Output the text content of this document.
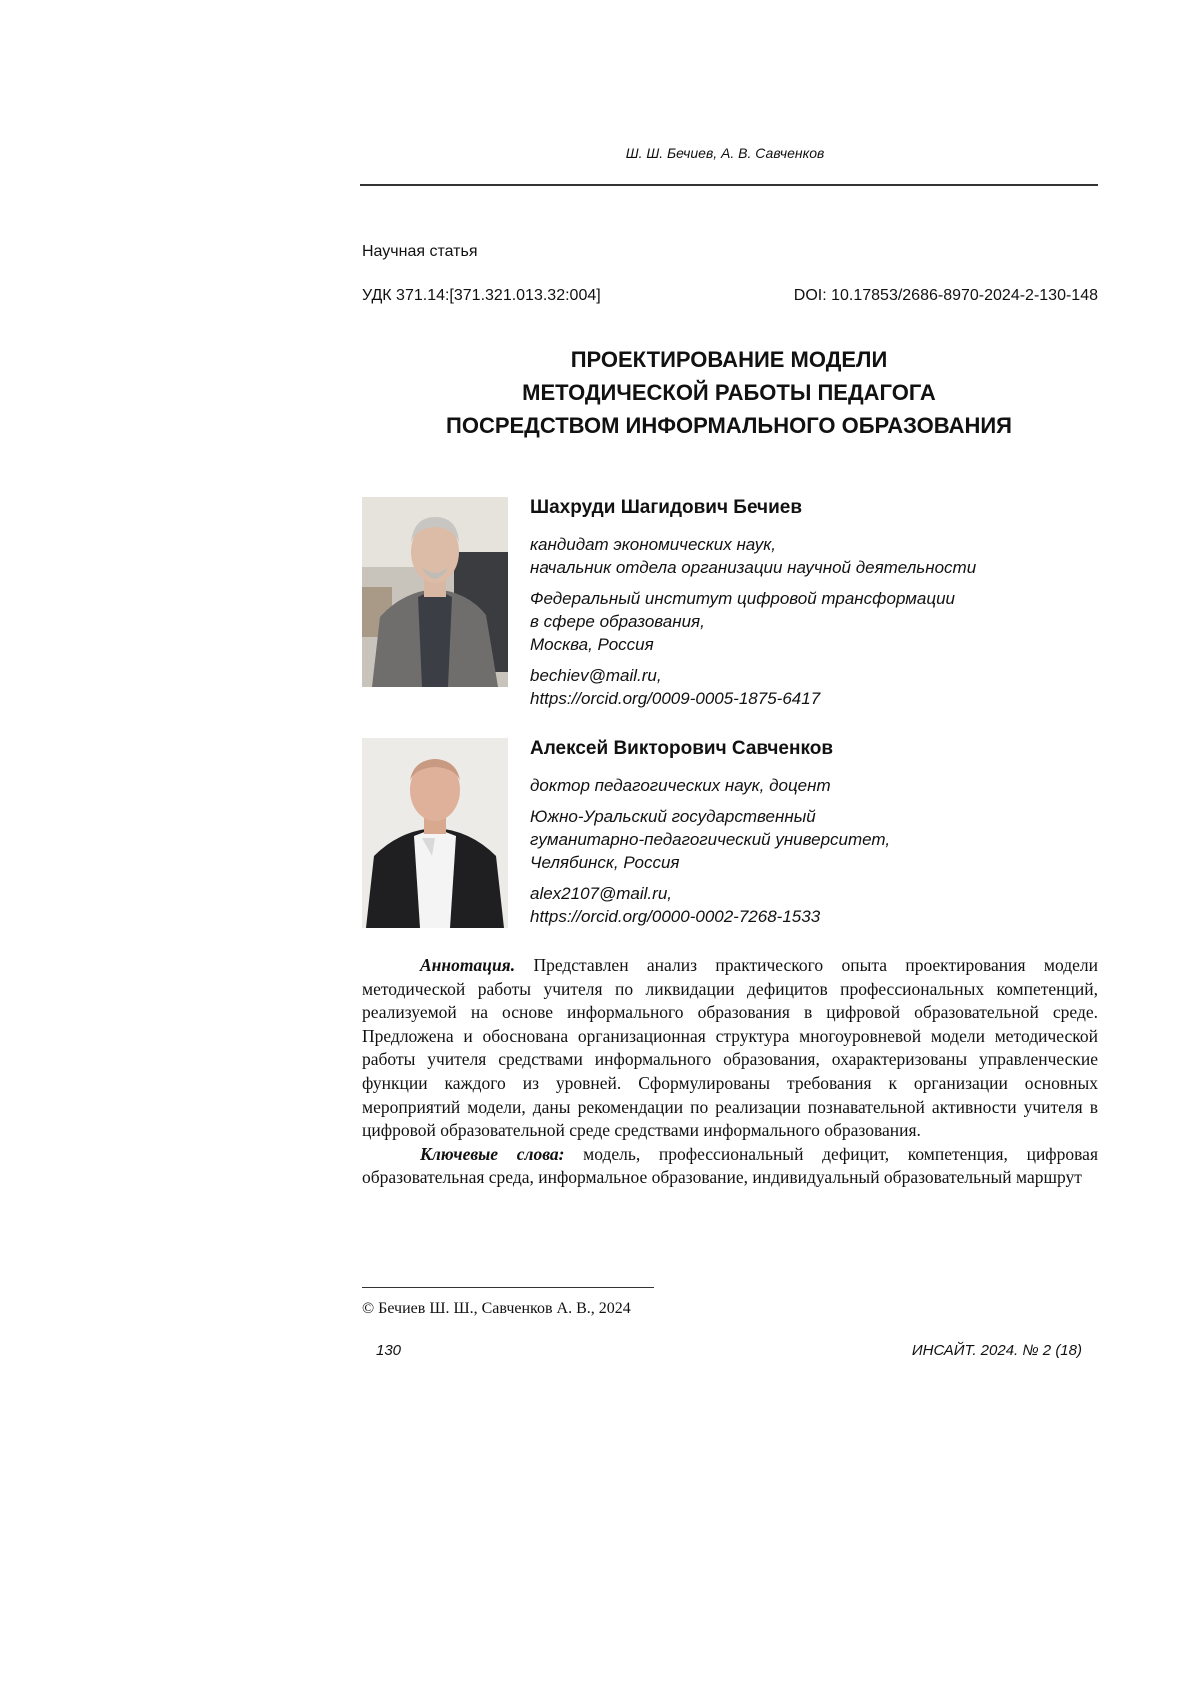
Ш. Ш. Бечиев, А. В. Савченков
Научная статья
УДК 371.14:[371.321.013.32:004]	DOI: 10.17853/2686-8970-2024-2-130-148
ПРОЕКТИРОВАНИЕ МОДЕЛИ
МЕТОДИЧЕСКОЙ РАБОТЫ ПЕДАГОГА
ПОСРЕДСТВОМ ИНФОРМАЛЬНОГО ОБРАЗОВАНИЯ
Шахруди Шагидович Бечиев
кандидат экономических наук,
начальник отдела организации научной деятельности
Федеральный институт цифровой трансформации
в сфере образования,
Москва, Россия
bechiev@mail.ru,
https://orcid.org/0009-0005-1875-6417
Алексей Викторович Савченков
доктор педагогических наук, доцент
Южно-Уральский государственный
гуманитарно-педагогический университет,
Челябинск, Россия
alex2107@mail.ru,
https://orcid.org/0000-0002-7268-1533

Аннотация. Представлен анализ практического опыта проектирования модели методической работы учителя по ликвидации дефицитов профессиональных компетенций, реализуемой на основе информального образования в цифровой образовательной среде. Предложена и обоснована организационная структура многоуровневой модели методической работы учителя средствами информального образования, охарактеризованы управленческие функции каждого из уровней. Сформулированы требования к организации основных мероприятий модели, даны рекомендации по реализации познавательной активности учителя в цифровой образовательной среде средствами информального образования.

Ключевые слова: модель, профессиональный дефицит, компетенция, цифровая образовательная среда, информальное образование, индивидуальный образовательный маршрут

© Бечиев Ш. Ш., Савченков А. В., 2024
130	ИНСАЙТ. 2024. № 2 (18)
